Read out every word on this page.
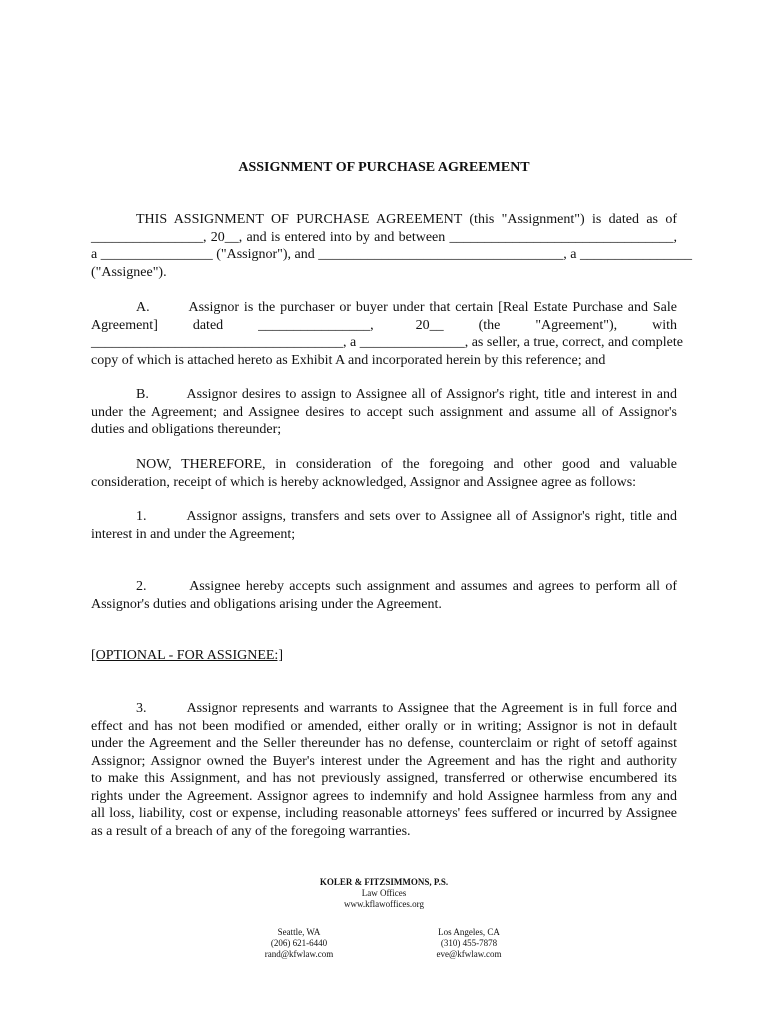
ASSIGNMENT OF PURCHASE AGREEMENT
THIS ASSIGNMENT OF PURCHASE AGREEMENT (this "Assignment") is dated as of
________________, 20__, and is entered into by and between ________________________________,
a ________________ ("Assignor"), and ___________________________________, a ________________
("Assignee").
A.        Assignor is the purchaser or buyer under that certain [Real Estate Purchase and Sale
Agreement]     dated     ________________,      20__     (the     "Agreement"),     with
____________________________________, a _______________, as seller, a true, correct, and complete
copy of which is attached hereto as Exhibit A and incorporated herein by this reference; and
B.        Assignor desires to assign to Assignee all of Assignor's right, title and interest in and
under the Agreement; and Assignee desires to accept such assignment and assume all of Assignor's
duties and obligations thereunder;
NOW, THEREFORE, in consideration of the foregoing and other good and valuable
consideration, receipt of which is hereby acknowledged, Assignor and Assignee agree as follows:
1.        Assignor assigns, transfers and sets over to Assignee all of Assignor's right, title and
interest in and under the Agreement;
2.        Assignee hereby accepts such assignment and assumes and agrees to perform all of
Assignor's duties and obligations arising under the Agreement.
[OPTIONAL - FOR ASSIGNEE:]
3.        Assignor represents and warrants to Assignee that the Agreement is in full force and
effect and has not been modified or amended, either orally or in writing; Assignor is not in default
under the Agreement and the Seller thereunder has no defense, counterclaim or right of setoff against
Assignor; Assignor owned the Buyer's interest under the Agreement and has the right and authority
to make this Assignment, and has not previously assigned, transferred or otherwise encumbered its
rights under the Agreement. Assignor agrees to indemnify and hold Assignee harmless from any and
all loss, liability, cost or expense, including reasonable attorneys' fees suffered or incurred by Assignee
as a result of a breach of any of the foregoing warranties.
KOLER & FITZSIMMONS, P.S.
Law Offices
www.kflawoffices.org
Seattle, WA
(206) 621-6440
rand@kfwlaw.com
Los Angeles, CA
(310) 455-7878
eve@kfwlaw.com
